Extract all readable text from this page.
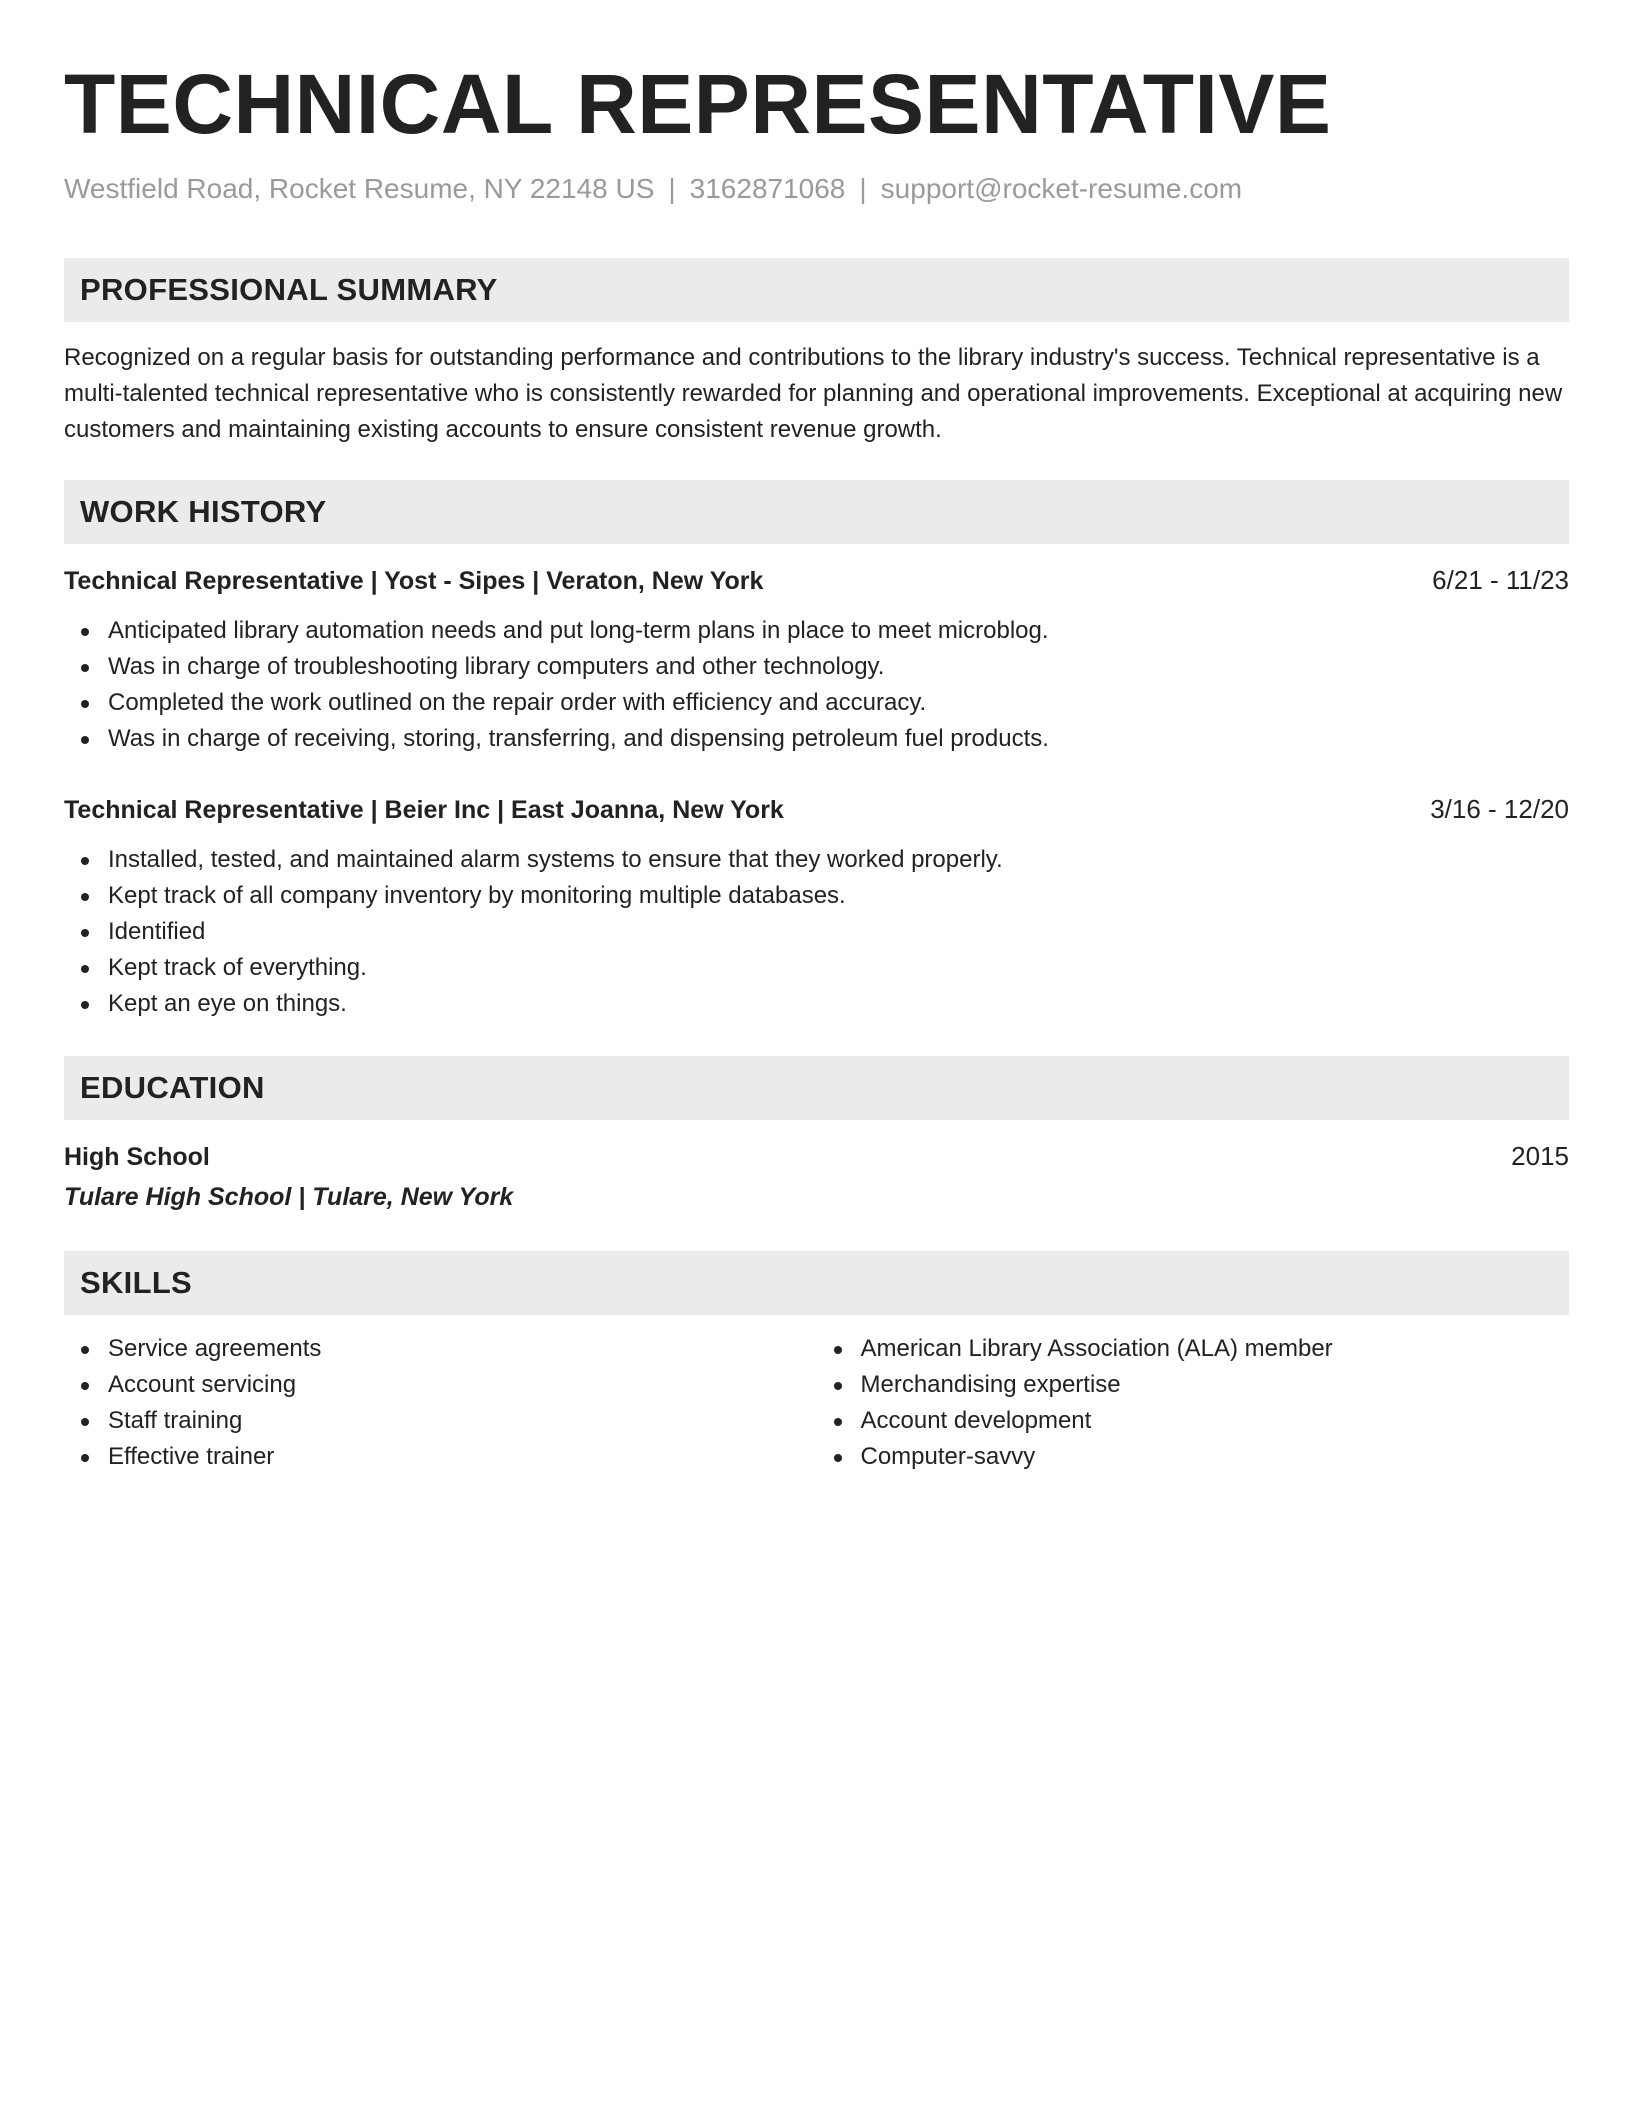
TECHNICAL REPRESENTATIVE
Westfield Road, Rocket Resume, NY 22148 US | 3162871068 | support@rocket-resume.com
PROFESSIONAL SUMMARY

Recognized on a regular basis for outstanding performance and contributions to the library industry's success. Technical representative is a multi-talented technical representative who is consistently rewarded for planning and operational improvements. Exceptional at acquiring new customers and maintaining existing accounts to ensure consistent revenue growth.

WORK HISTORY
Technical Representative | Yost - Sipes | Veraton, New York	6/21 - 11/23
Anticipated library automation needs and put long-term plans in place to meet microblog.
Was in charge of troubleshooting library computers and other technology.
Completed the work outlined on the repair order with efficiency and accuracy.
Was in charge of receiving, storing, transferring, and dispensing petroleum fuel products.
Technical Representative | Beier Inc | East Joanna, New York	3/16 - 12/20
Installed, tested, and maintained alarm systems to ensure that they worked properly.
Kept track of all company inventory by monitoring multiple databases.
Identified
Kept track of everything.
Kept an eye on things.
EDUCATION
High School	2015
Tulare High School | Tulare, New York
SKILLS
Service agreements
Account servicing
Staff training
Effective trainer
American Library Association (ALA) member
Merchandising expertise
Account development
Computer-savvy
